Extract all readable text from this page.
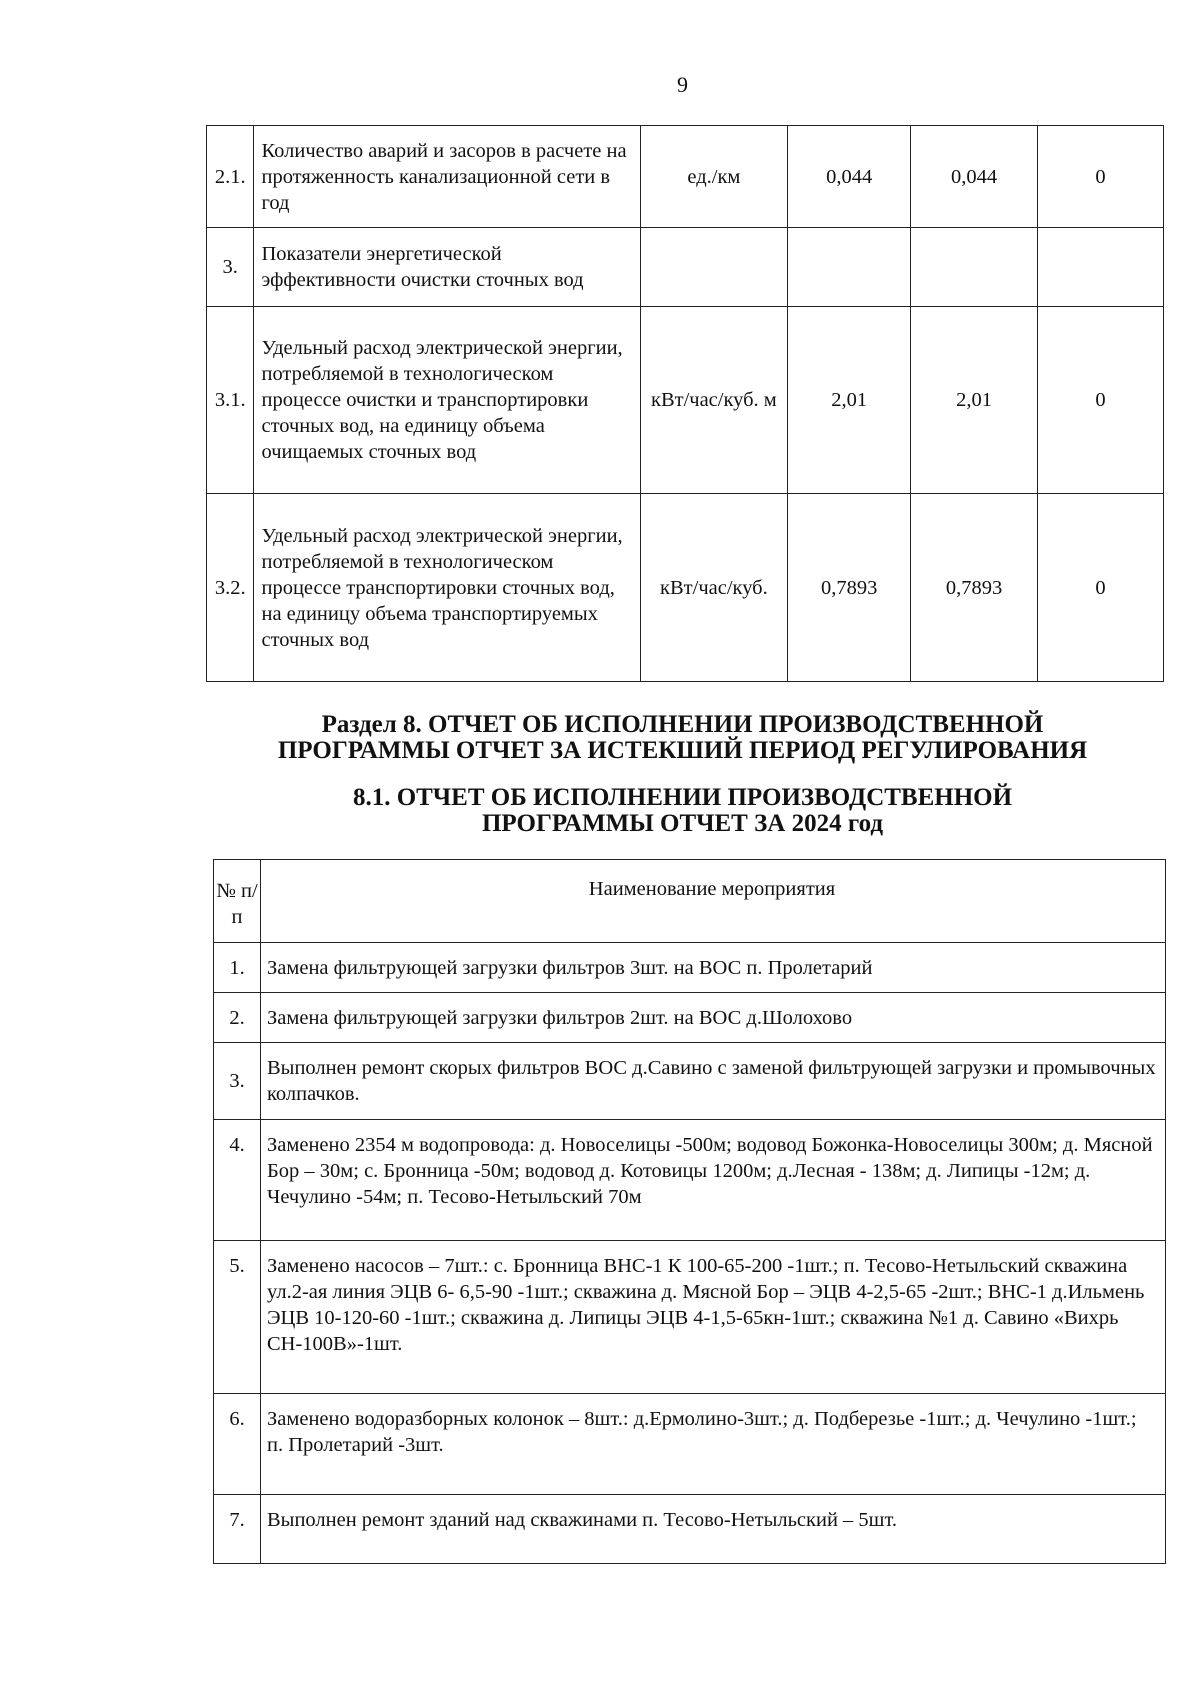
9
2.1.	Количество аварий и засоров в расчете на протяженность канализационной сети в год	ед./км	0,044	0,044	0
3.	Показатели энергетической эффективности очистки сточных вод				
3.1.	Удельный расход электрической энергии, потребляемой в технологическом процессе очистки и транспортировки сточных вод, на единицу объема очищаемых сточных вод	кВт/час/куб. м	2,01	2,01	0
3.2.	Удельный расход электрической энергии, потребляемой в технологическом процессе транспортировки сточных вод, на единицу объема транспортируемых сточных вод	кВт/час/куб.	0,7893	0,7893	0
Раздел 8. ОТЧЕТ ОБ ИСПОЛНЕНИИ ПРОИЗВОДСТВЕННОЙ
ПРОГРАММЫ ОТЧЕТ ЗА ИСТЕКШИЙ ПЕРИОД РЕГУЛИРОВАНИЯ
8.1. ОТЧЕТ ОБ ИСПОЛНЕНИИ ПРОИЗВОДСТВЕННОЙ
ПРОГРАММЫ ОТЧЕТ ЗА 2024 год
№ п/п	Наименование мероприятия
1.	Замена фильтрующей загрузки фильтров 3шт. на ВОС п. Пролетарий
2.	Замена фильтрующей загрузки фильтров 2шт. на ВОС д.Шолохово
3.	Выполнен ремонт скорых фильтров ВОС д.Савино с заменой фильтрующей загрузки и промывочных колпачков.
4.	Заменено 2354 м водопровода: д. Новоселицы -500м; водовод Божонка-Новоселицы 300м; д. Мясной Бор – 30м; с. Бронница -50м; водовод д. Котовицы 1200м; д.Лесная - 138м; д. Липицы -12м; д. Чечулино -54м; п. Тесово-Нетыльский 70м
5.	Заменено насосов – 7шт.: с. Бронница ВНС-1 К 100-65-200 -1шт.; п. Тесово-Нетыльский скважина ул.2-ая линия ЭЦВ 6- 6,5-90 -1шт.; скважина д. Мясной Бор – ЭЦВ 4-2,5-65 -2шт.; ВНС-1 д.Ильмень ЭЦВ 10-120-60 -1шт.; скважина д. Липицы ЭЦВ 4-1,5-65кн-1шт.; скважина №1 д. Савино «Вихрь СН-100В»-1шт.
6.	Заменено водоразборных колонок – 8шт.: д.Ермолино-3шт.; д. Подберезье -1шт.; д. Чечулино -1шт.; п. Пролетарий -3шт.
7.	Выполнен ремонт зданий над скважинами п. Тесово-Нетыльский – 5шт.
